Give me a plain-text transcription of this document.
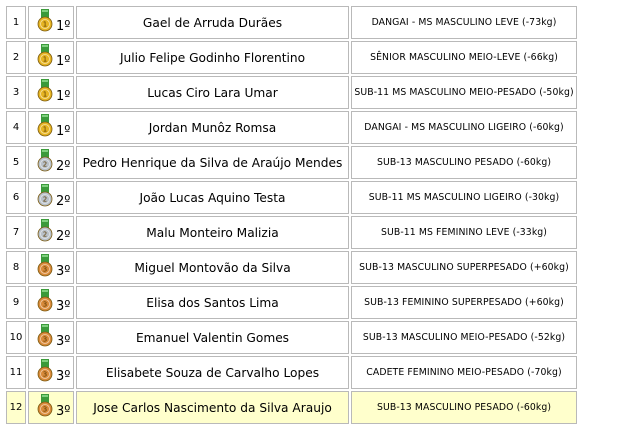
1	1 1º	Gael de Arruda Durães	DANGAI - MS MASCULINO LEVE (-73kg)
2	1 1º	Julio Felipe Godinho Florentino	SÊNIOR MASCULINO MEIO-LEVE (-66kg)
3	1 1º	Lucas Ciro Lara Umar	SUB-11 MS MASCULINO MEIO-PESADO (-50kg)
4	1 1º	Jordan Munôz Romsa	DANGAI - MS MASCULINO LIGEIRO (-60kg)
5	2 2º	Pedro Henrique da Silva de Araújo Mendes	SUB-13 MASCULINO PESADO (-60kg)
6	2 2º	João Lucas Aquino Testa	SUB-11 MS MASCULINO LIGEIRO (-30kg)
7	2 2º	Malu Monteiro Malizia	SUB-11 MS FEMININO LEVE (-33kg)
8	3 3º	Miguel Montovão da Silva	SUB-13 MASCULINO SUPERPESADO (+60kg)
9	3 3º	Elisa dos Santos Lima	SUB-13 FEMININO SUPERPESADO (+60kg)
10	3 3º	Emanuel Valentin Gomes	SUB-13 MASCULINO MEIO-PESADO (-52kg)
11	3 3º	Elisabete Souza de Carvalho Lopes	CADETE FEMININO MEIO-PESADO (-70kg)
12	3 3º	Jose Carlos Nascimento da Silva Araujo	SUB-13 MASCULINO PESADO (-60kg)
